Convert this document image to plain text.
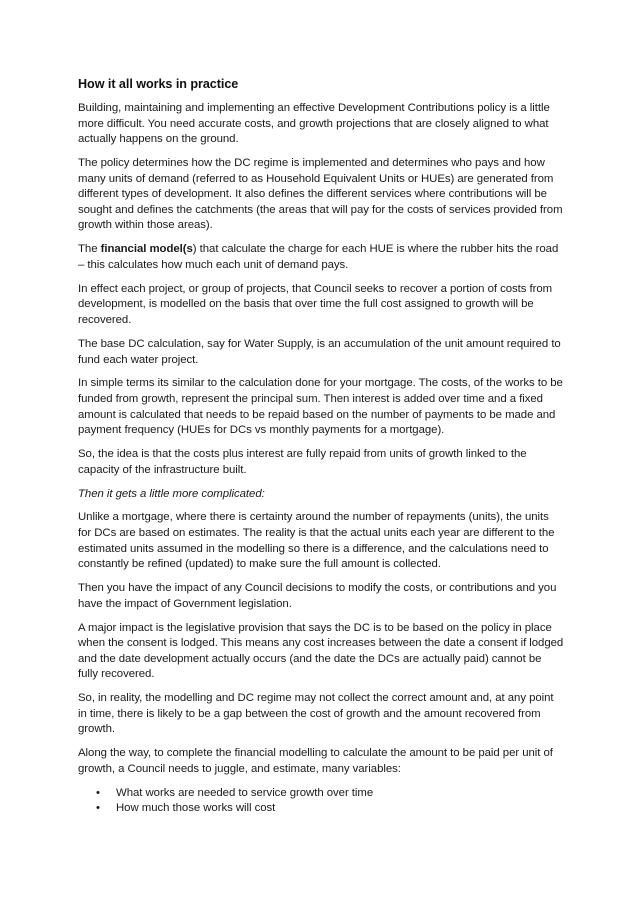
How it all works in practice

Building, maintaining and implementing an effective Development Contributions policy is a little more difficult. You need accurate costs, and growth projections that are closely aligned to what actually happens on the ground.

The policy determines how the DC regime is implemented and determines who pays and how many units of demand (referred to as Household Equivalent Units or HUEs) are generated from different types of development. It also defines the different services where contributions will be sought and defines the catchments (the areas that will pay for the costs of services provided from growth within those areas).

The financial model(s) that calculate the charge for each HUE is where the rubber hits the road – this calculates how much each unit of demand pays.

In effect each project, or group of projects, that Council seeks to recover a portion of costs from development, is modelled on the basis that over time the full cost assigned to growth will be recovered.

The base DC calculation, say for Water Supply, is an accumulation of the unit amount required to fund each water project.

In simple terms its similar to the calculation done for your mortgage. The costs, of the works to be funded from growth, represent the principal sum. Then interest is added over time and a fixed amount is calculated that needs to be repaid based on the number of payments to be made and payment frequency (HUEs for DCs vs monthly payments for a mortgage).

So, the idea is that the costs plus interest are fully repaid from units of growth linked to the capacity of the infrastructure built.

Then it gets a little more complicated:

Unlike a mortgage, where there is certainty around the number of repayments (units), the units for DCs are based on estimates. The reality is that the actual units each year are different to the estimated units assumed in the modelling so there is a difference, and the calculations need to constantly be refined (updated) to make sure the full amount is collected.

Then you have the impact of any Council decisions to modify the costs, or contributions and you have the impact of Government legislation.

A major impact is the legislative provision that says the DC is to be based on the policy in place when the consent is lodged. This means any cost increases between the date a consent if lodged and the date development actually occurs (and the date the DCs are actually paid) cannot be fully recovered.

So, in reality, the modelling and DC regime may not collect the correct amount and, at any point in time, there is likely to be a gap between the cost of growth and the amount recovered from growth.

Along the way, to complete the financial modelling to calculate the amount to be paid per unit of growth, a Council needs to juggle, and estimate, many variables:

• What works are needed to service growth over time
• How much those works will cost
